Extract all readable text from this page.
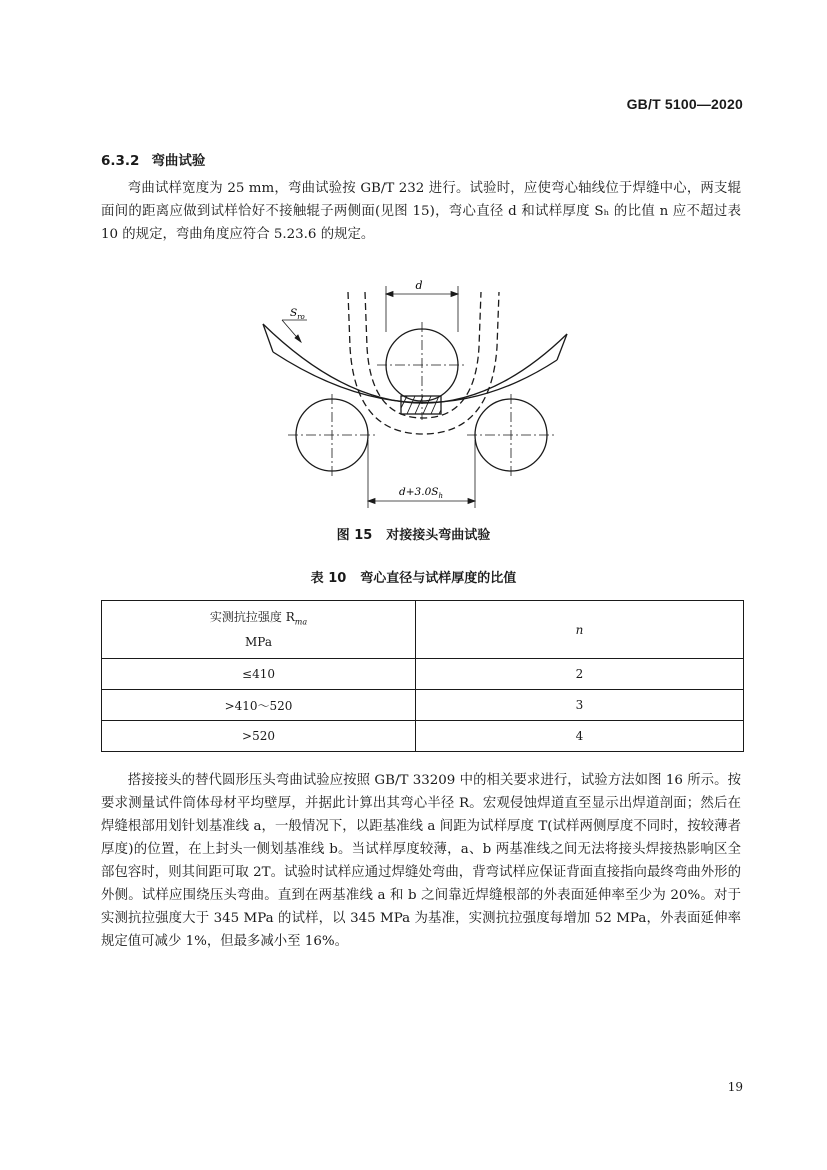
GB/T 5100—2020
6.3.2 弯曲试验

弯曲试样宽度为 25 mm，弯曲试验按 GB/T 232 进行。试验时，应使弯心轴线位于焊缝中心，两支辊面间的距离应做到试样恰好不接触辊子两侧面(见图 15)，弯心直径 d 和试样厚度 Sₕ 的比值 n 应不超过表 10 的规定，弯曲角度应符合 5.23.6 的规定。

d
$S_{ro}$
$d+3.0S_h$
图 15 对接接头弯曲试验
表 10 弯心直径与试样厚度的比值
实测抗拉强度 $R_{ma}$
MPa	n
≤410	2
>410～520	3
>520	4

搭接接头的替代圆形压头弯曲试验应按照 GB/T 33209 中的相关要求进行，试验方法如图 16 所示。按要求测量试件筒体母材平均壁厚，并据此计算出其弯心半径 R。宏观侵蚀焊道直至显示出焊道剖面；然后在焊缝根部用划针划基准线 a，一般情况下，以距基准线 a 间距为试样厚度 T(试样两侧厚度不同时，按较薄者厚度)的位置，在上封头一侧划基准线 b。当试样厚度较薄，a、b 两基准线之间无法将接头焊接热影响区全部包容时，则其间距可取 2T。试验时试样应通过焊缝处弯曲，背弯试样应保证背面直接指向最终弯曲外形的外侧。试样应围绕压头弯曲。直到在两基准线 a 和 b 之间靠近焊缝根部的外表面延伸率至少为 20%。对于实测抗拉强度大于 345 MPa 的试样，以 345 MPa 为基准，实测抗拉强度每增加 52 MPa，外表面延伸率规定值可减少 1%，但最多减小至 16%。

19
